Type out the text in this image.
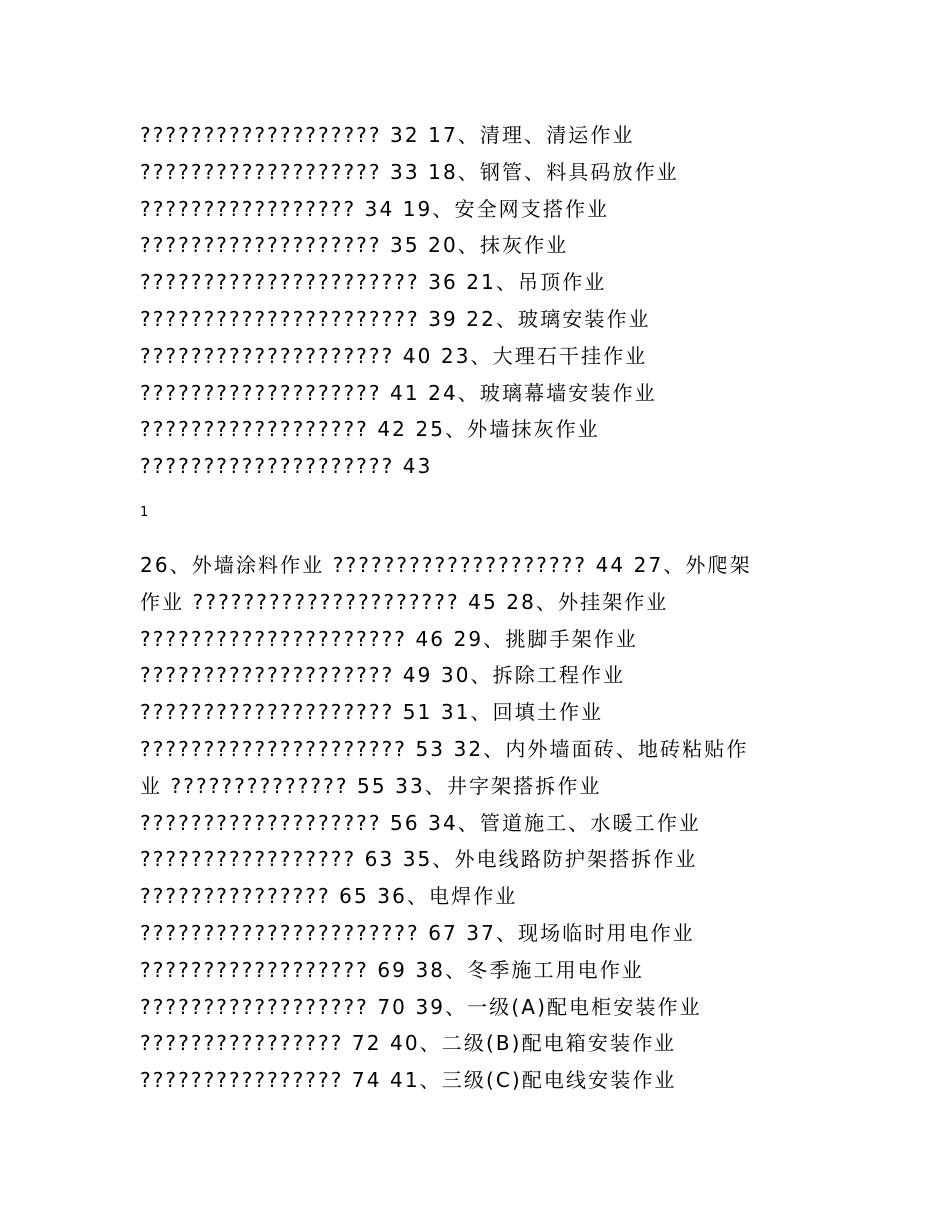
??????????????????? 32 17、清理、清运作业
??????????????????? 33 18、钢管、料具码放作业
????????????????? 34 19、安全网支搭作业
??????????????????? 35 20、抹灰作业
?????????????????????? 36 21、吊顶作业
?????????????????????? 39 22、玻璃安装作业
???????????????????? 40 23、大理石干挂作业
??????????????????? 41 24、玻璃幕墙安装作业
?????????????????? 42 25、外墙抹灰作业
???????????????????? 43
1
26、外墙涂料作业 ???????????????????? 44 27、外爬架
作业 ????????????????????? 45 28、外挂架作业
????????????????????? 46 29、挑脚手架作业
???????????????????? 49 30、拆除工程作业
???????????????????? 51 31、回填土作业
????????????????????? 53 32、内外墙面砖、地砖粘贴作
业 ?????????????? 55 33、井字架搭拆作业
??????????????????? 56 34、管道施工、水暖工作业
????????????????? 63 35、外电线路防护架搭拆作业
??????????????? 65 36、电焊作业
?????????????????????? 67 37、现场临时用电作业
?????????????????? 69 38、冬季施工用电作业
?????????????????? 70 39、一级(A)配电柜安装作业
???????????????? 72 40、二级(B)配电箱安装作业
???????????????? 74 41、三级(C)配电线安装作业
